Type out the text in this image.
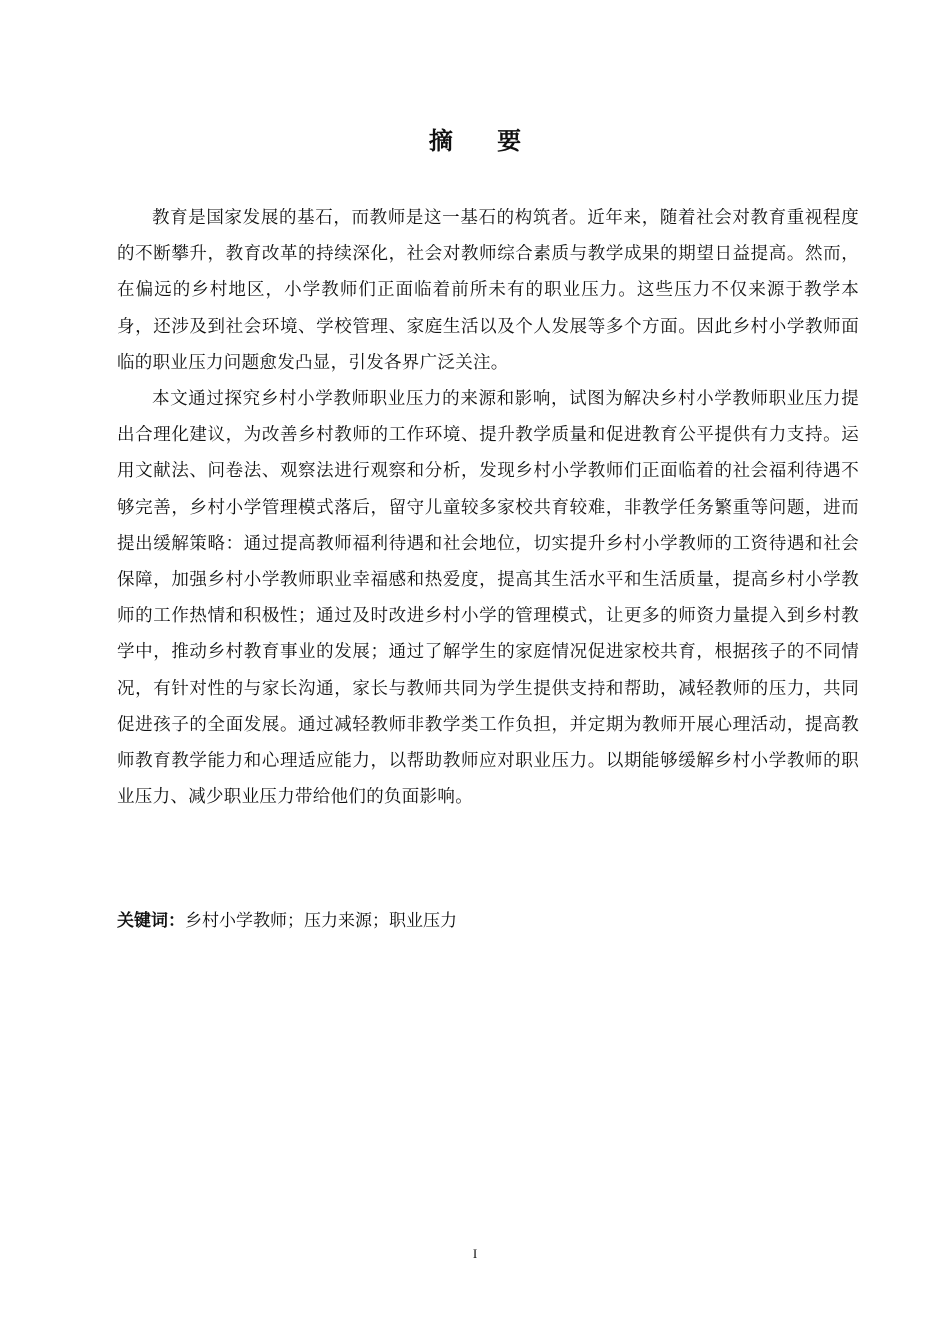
摘 要

教育是国家发展的基石，而教师是这一基石的构筑者。近年来，随着社会对教育重视程度的不断攀升，教育改革的持续深化，社会对教师综合素质与教学成果的期望日益提高。然而，在偏远的乡村地区，小学教师们正面临着前所未有的职业压力。这些压力不仅来源于教学本身，还涉及到社会环境、学校管理、家庭生活以及个人发展等多个方面。因此乡村小学教师面临的职业压力问题愈发凸显，引发各界广泛关注。

本文通过探究乡村小学教师职业压力的来源和影响，试图为解决乡村小学教师职业压力提出合理化建议，为改善乡村教师的工作环境、提升教学质量和促进教育公平提供有力支持。运用文献法、问卷法、观察法进行观察和分析，发现乡村小学教师们正面临着的社会福利待遇不够完善，乡村小学管理模式落后，留守儿童较多家校共育较难，非教学任务繁重等问题，进而提出缓解策略：通过提高教师福利待遇和社会地位，切实提升乡村小学教师的工资待遇和社会保障，加强乡村小学教师职业幸福感和热爱度，提高其生活水平和生活质量，提高乡村小学教师的工作热情和积极性；通过及时改进乡村小学的管理模式，让更多的师资力量提入到乡村教学中，推动乡村教育事业的发展；通过了解学生的家庭情况促进家校共育，根据孩子的不同情况，有针对性的与家长沟通，家长与教师共同为学生提供支持和帮助，减轻教师的压力，共同促进孩子的全面发展。通过减轻教师非教学类工作负担，并定期为教师开展心理活动，提高教师教育教学能力和心理适应能力，以帮助教师应对职业压力。以期能够缓解乡村小学教师的职业压力、减少职业压力带给他们的负面影响。

关键词：乡村小学教师；压力来源；职业压力

I
